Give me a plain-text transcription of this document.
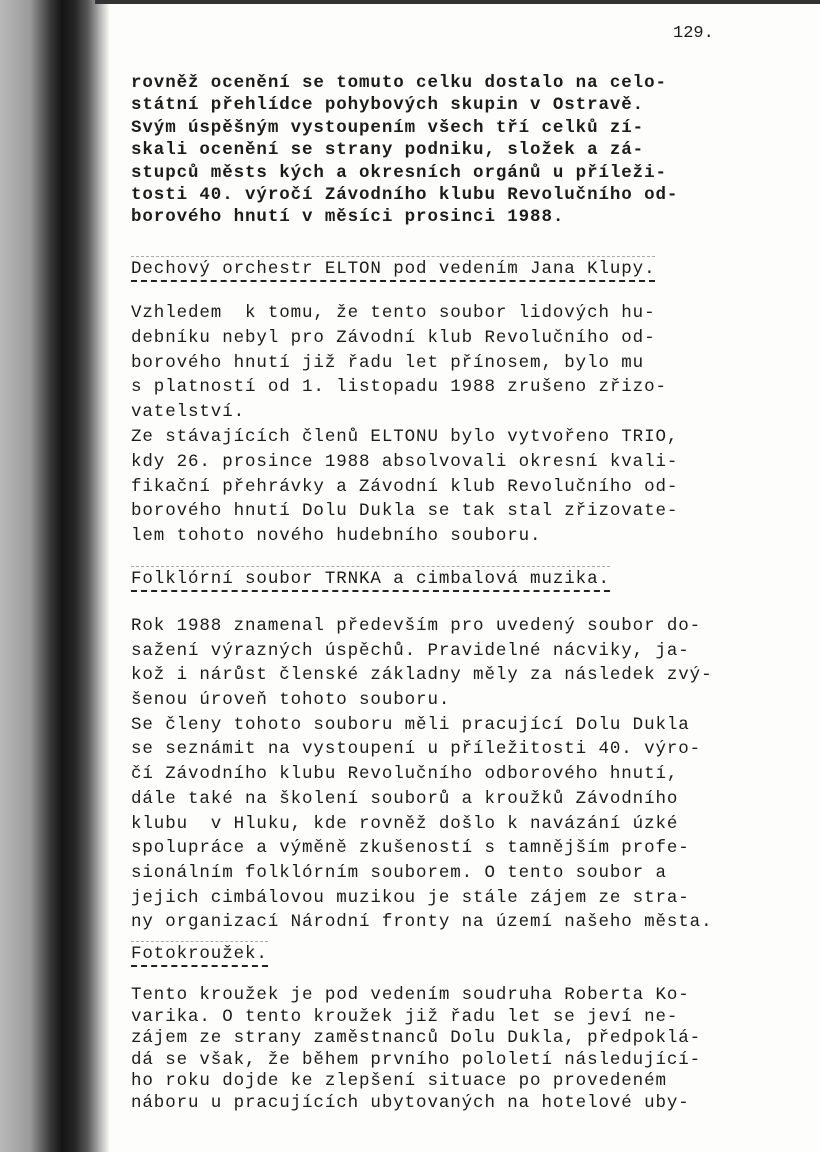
129.
rovněž ocenění se tomuto celku dostalo na celo-
státní přehlídce pohybových skupin v Ostravě.
Svým úspěšným vystoupením všech tří celků zí-
skali ocenění se strany podniku, složek a zá-
stupců městs kých a okresních orgánů u příleži-
tosti 40. výročí Závodního klubu Revolučního od-
borového hnutí v měsíci prosinci 1988.
Dechový orchestr ELTON pod vedením Jana Klupy.
Vzhledem  k tomu, že tento soubor lidových hu-
debníku nebyl pro Závodní klub Revolučního od-
borového hnutí již řadu let přínosem, bylo mu
s platností od 1. listopadu 1988 zrušeno zřizo-
vatelství.
Ze stávajících členů ELTONU bylo vytvořeno TRIO,
kdy 26. prosince 1988 absolvovali okresní kvali-
fikační přehrávky a Závodní klub Revolučního od-
borového hnutí Dolu Dukla se tak stal zřizovate-
lem tohoto nového hudebního souboru.
Folklórní soubor TRNKA a cimbalová muzika.
Rok 1988 znamenal především pro uvedený soubor do-
sažení výrazných úspěchů. Pravidelné nácviky, ja-
kož i nárůst členské základny měly za následek zvý-
šenou úroveň tohoto souboru.
Se členy tohoto souboru měli pracující Dolu Dukla
se seznámit na vystoupení u příležitosti 40. výro-
čí Závodního klubu Revolučního odborového hnutí,
dále také na školení souborů a kroužků Závodního
klubu  v Hluku, kde rovněž došlo k navázání úzké
spolupráce a výměně zkušeností s tamnějším profe-
sionálním folklórním souborem. O tento soubor a
jejich cimbálovou muzikou je stále zájem ze stra-
ny organizací Národní fronty na území našeho města.
Fotokroužek.
Tento kroužek je pod vedením soudruha Roberta Ko-
varika. O tento kroužek již řadu let se jeví ne-
zájem ze strany zaměstnanců Dolu Dukla, předpoklá-
dá se však, že během prvního pololetí následující-
ho roku dojde ke zlepšení situace po provedeném
náboru u pracujících ubytovaných na hotelové uby-
